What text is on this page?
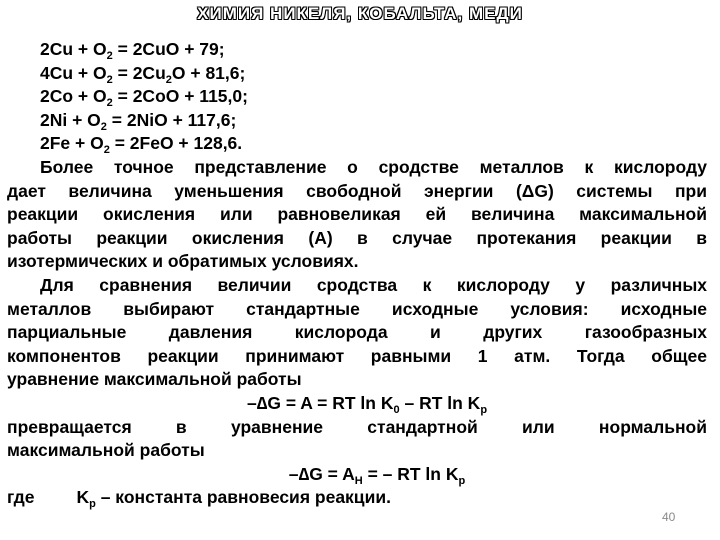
ХИМИЯ НИКЕЛЯ, КОБАЛЬТА, МЕДИ
$2Cu + O_2 = 2CuO + 79$;
$4Cu + O_2 = 2Cu_2O + 81,6$;
$2Co + O_2 = 2CoO + 115,0$;
$2Ni + O_2 = 2NiO + 117,6$;
$2Fe + O_2 = 2FeO + 128,6$.
Более точное представление о сродстве металлов к кислороду
дает величина уменьшения свободной энергии (ΔG) системы при
реакции окисления или равновеликая ей величина максимальной
работы реакции окисления (A) в случае протекания реакции в
изотермических и обратимых условиях.
Для сравнения величии сродства к кислороду у различных
металлов выбирают стандартные исходные условия: исходные
парциальные давления кислорода и других газообразных
компонентов реакции принимают равными 1 атм. Тогда общее
уравнение максимальной работы
–∆G = A = RT $\ln K_0$ – RT $\ln K_p$
превращается в уравнение стандартной или нормальной
максимальной работы
$-\Delta G = A_H$ = – RT $\ln K_p$
где $K_p$ – константа равновесия реакции.
40
